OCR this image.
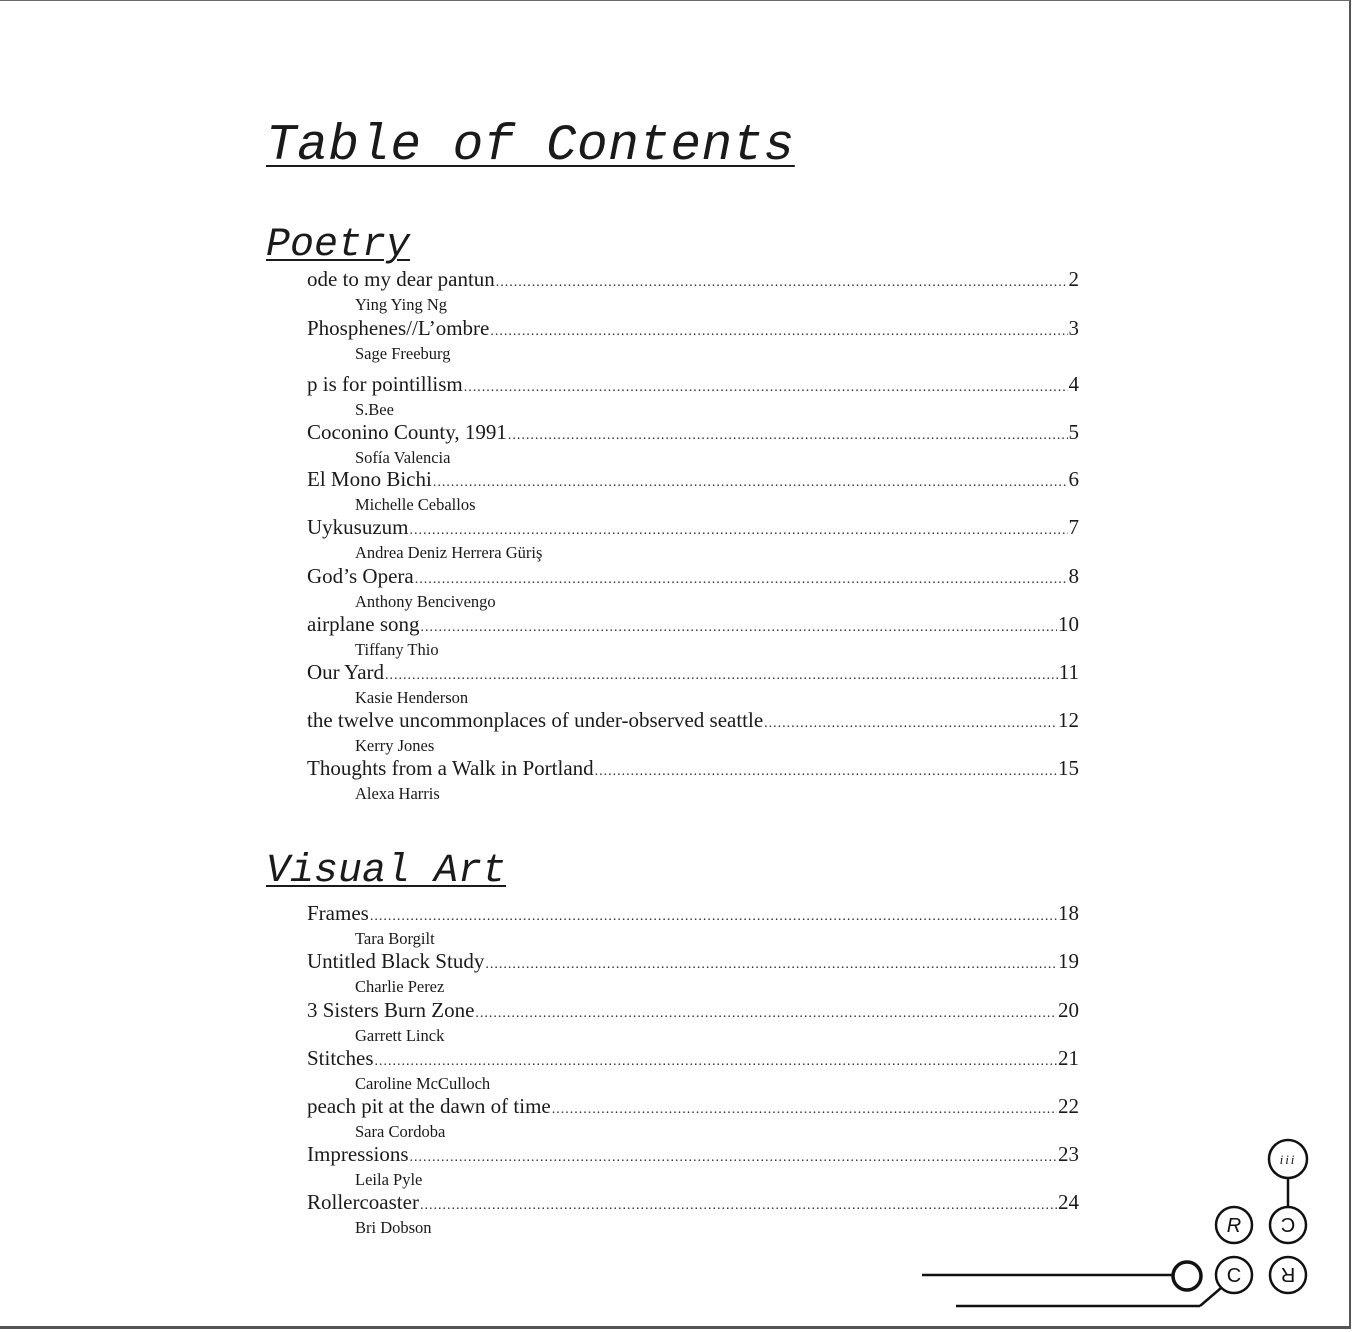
Table of Contents
Poetry
ode to my dear pantun .....	2
Ying Ying Ng
Phosphenes//L’ombre .....	3
Sage Freeburg
p is for pointillism .....	4
S.Bee
Coconino County, 1991 .....	5
Sofía Valencia
El Mono Bichi .....	6
Michelle Ceballos
Uykusuzum .....	7
Andrea Deniz Herrera Güriş
God’s Opera .....	8
Anthony Bencivengo
airplane song .....	10
Tiffany Thio
Our Yard .....	11
Kasie Henderson
the twelve uncommonplaces of under-observed seattle .....	12
Kerry Jones
Thoughts from a Walk in Portland .....	15
Alexa Harris
Visual Art
Frames .....	18
Tara Borgilt
Untitled Black Study .....	19
Charlie Perez
3 Sisters Burn Zone .....	20
Garrett Linck
Stitches .....	21
Caroline McCulloch
peach pit at the dawn of time .....	22
Sara Cordoba
Impressions .....	23
Leila Pyle
Rollercoaster .....	24
Bri Dobson
iii
R C
C R
